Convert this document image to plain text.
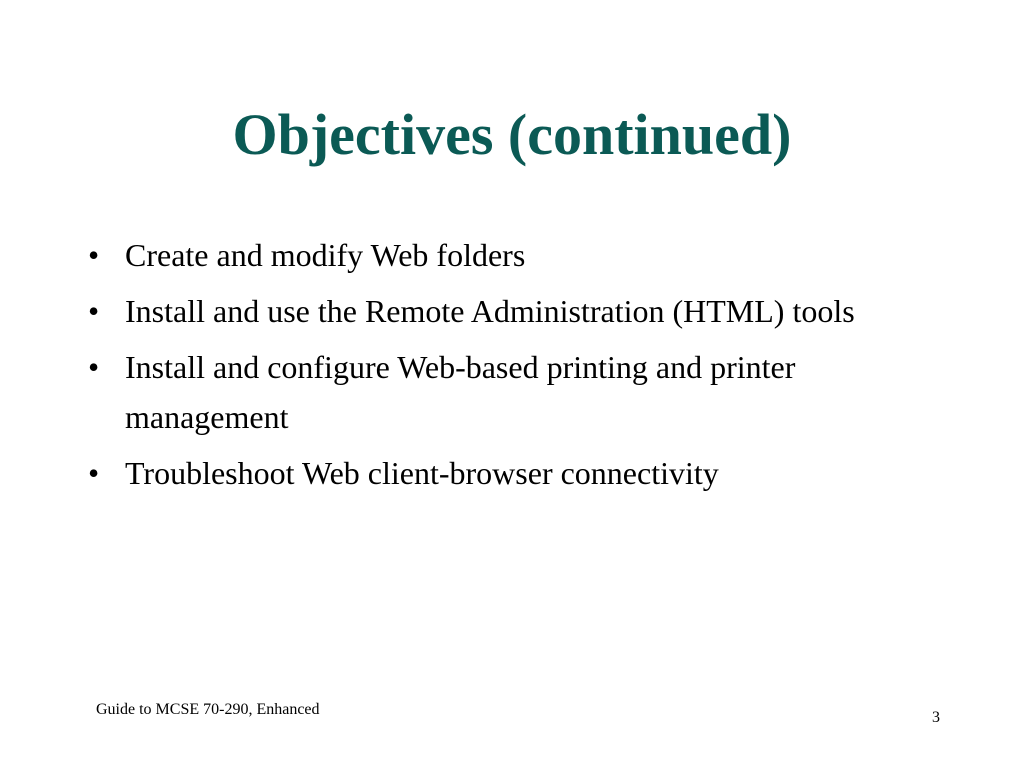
Objectives (continued)
• Create and modify Web folders
• Install and use the Remote Administration (HTML) tools
• Install and configure Web-based printing and printer management
• Troubleshoot Web client-browser connectivity
Guide to MCSE 70-290, Enhanced	3
